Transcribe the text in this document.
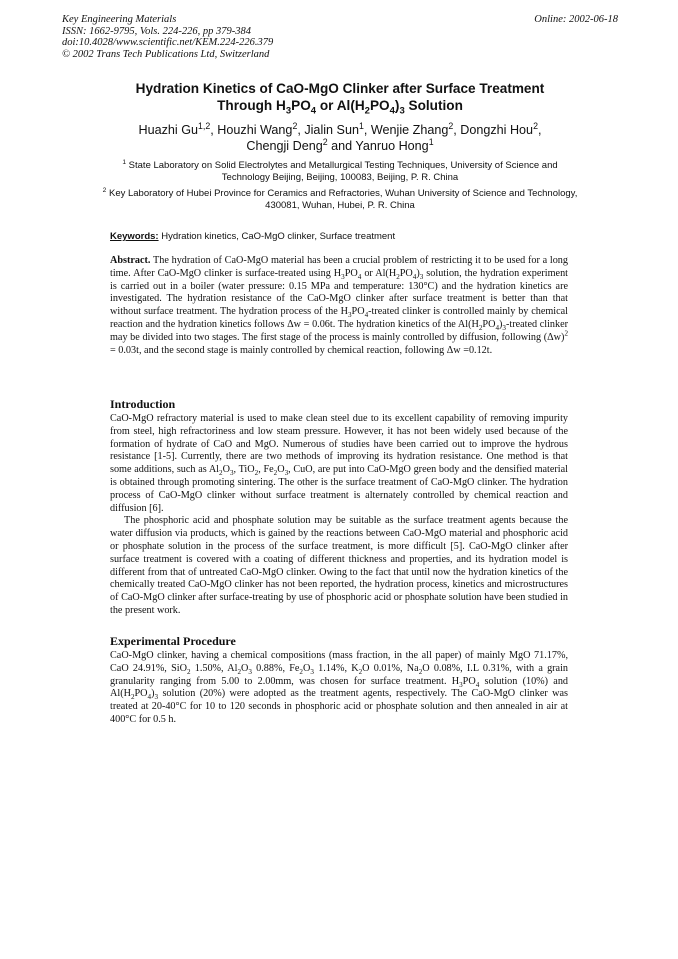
Key Engineering Materials
ISSN: 1662-9795, Vols. 224-226, pp 379-384
doi:10.4028/www.scientific.net/KEM.224-226.379
© 2002 Trans Tech Publications Ltd, Switzerland
Online: 2002-06-18
Hydration Kinetics of CaO-MgO Clinker after Surface Treatment
Through $H_3PO_4$ or $Al(H_2PO_4)_3$ Solution
Huazhi Gu$^{1,2}$, Houzhi Wang$^2$, Jialin Sun$^1$, Wenjie Zhang$^2$, Dongzhi Hou$^2$,
Chengji Deng$^2$ and Yanruo Hong$^1$
$^1$ State Laboratory on Solid Electrolytes and Metallurgical Testing Techniques, University of Science and Technology Beijing, Beijing, 100083, Beijing, P. R. China
$^2$ Key Laboratory of Hubei Province for Ceramics and Refractories, Wuhan University of Science and Technology, 430081, Wuhan, Hubei, P. R. China
Keywords: Hydration kinetics, CaO-MgO clinker, Surface treatment
Abstract. The hydration of CaO-MgO material has been a crucial problem of restricting it to be used for a long time. After CaO-MgO clinker is surface-treated using $H_3PO_4$ or $Al(H_2PO_4)_3$ solution, the hydration experiment is carried out in a boiler (water pressure: 0.15 MPa and temperature: 130°C) and the hydration kinetics are investigated. The hydration resistance of the CaO-MgO clinker after surface treatment is better than that without surface treatment. The hydration process of the $H_3PO_4$-treated clinker is controlled mainly by chemical reaction and the hydration kinetics follows Δw = 0.06t. The hydration kinetics of the $Al(H_2PO_4)_3$-treated clinker may be divided into two stages. The first stage of the process is mainly controlled by diffusion, following $(\Delta w)^2 = 0.03t$, and the second stage is mainly controlled by chemical reaction, following Δw =0.12t.
Introduction

CaO-MgO refractory material is used to make clean steel due to its excellent capability of removing impurity from steel, high refractoriness and low steam pressure. However, it has not been widely used because of the formation of hydrate of CaO and MgO. Numerous of studies have been carried out to improve the hydrous resistance [1-5]. Currently, there are two methods of improving its hydration resistance. One method is that some additions, such as $Al_2O_3$, TiO$_2$, $Fe_2O_3$, CuO, are put into CaO-MgO green body and the densified material is obtained through promoting sintering. The other is the surface treatment of CaO-MgO clinker. The hydration process of CaO-MgO clinker without surface treatment is alternately controlled by chemical reaction and diffusion [6].

The phosphoric acid and phosphate solution may be suitable as the surface treatment agents because the water diffusion via products, which is gained by the reactions between CaO-MgO material and phosphoric acid or phosphate solution in the process of the surface treatment, is more difficult [5]. CaO-MgO clinker after surface treatment is covered with a coating of different thickness and properties, and its hydration model is different from that of untreated CaO-MgO clinker. Owing to the fact that until now the hydration kinetics of the chemically treated CaO-MgO clinker has not been reported, the hydration process, kinetics and microstructures of CaO-MgO clinker after surface-treating by use of phosphoric acid or phosphate solution have been studied in the present work.

Experimental Procedure

CaO-MgO clinker, having a chemical compositions (mass fraction, in the all paper) of mainly MgO 71.17%, CaO 24.91%, SiO$_2$ 1.50%, $Al_2O_3$ 0.88%, $Fe_2O_3$ 1.14%, $K_2O$ 0.01%, $Na_2O$ 0.08%, I.L 0.31%, with a grain granularity ranging from 5.00 to 2.00mm, was chosen for surface treatment. $H_3PO_4$ solution (10%) and $Al(H_2PO_4)_3$ solution (20%) were adopted as the treatment agents, respectively. The CaO-MgO clinker was treated at 20-40°C for 10 to 120 seconds in phosphoric acid or phosphate solution and then annealed in air at 400°C for 0.5 h.
